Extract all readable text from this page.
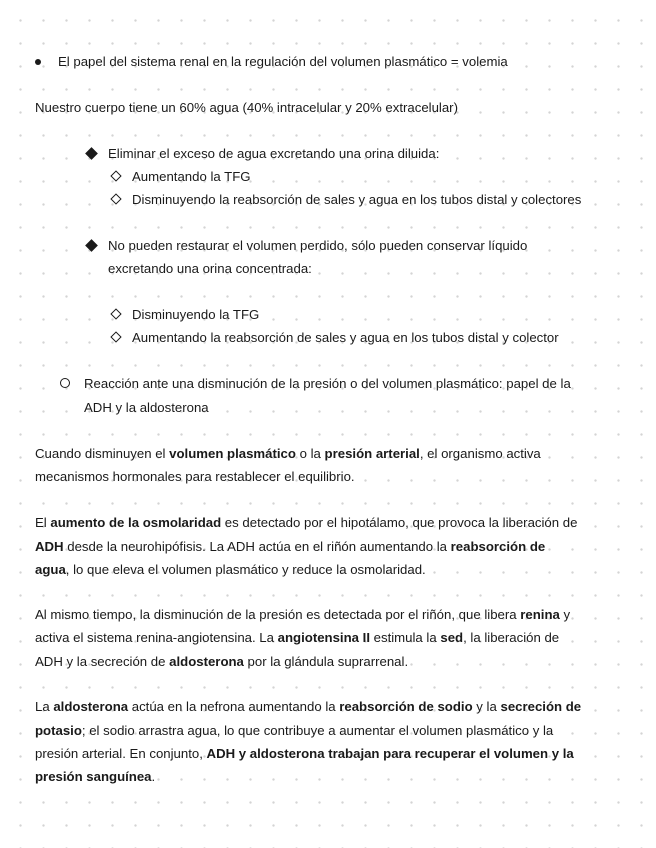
El papel del sistema renal en la regulación del volumen plasmático = volemia
Nuestro cuerpo tiene un 60% agua (40% intracelular y 20% extracelular)
Eliminar el exceso de agua excretando una orina diluida:
Aumentando la TFG
Disminuyendo la reabsorción de sales y agua en los tubos distal y colectores
No pueden restaurar el volumen perdido, sólo pueden conservar líquido
excretando una orina concentrada:
Disminuyendo la TFG
Aumentando la reabsorción de sales y agua en los tubos distal y colector
Reacción ante una disminución de la presión o del volumen plasmático: papel de la
ADH y la aldosterona
Cuando disminuyen el volumen plasmático o la presión arterial, el organismo activa
mecanismos hormonales para restablecer el equilibrio.
El aumento de la osmolaridad es detectado por el hipotálamo, que provoca la liberación de
ADH desde la neurohipófisis. La ADH actúa en el riñón aumentando la reabsorción de
agua, lo que eleva el volumen plasmático y reduce la osmolaridad.
Al mismo tiempo, la disminución de la presión es detectada por el riñón, que libera renina y
activa el sistema renina-angiotensina. La angiotensina II estimula la sed, la liberación de
ADH y la secreción de aldosterona por la glándula suprarrenal.
La aldosterona actúa en la nefrona aumentando la reabsorción de sodio y la secreción de
potasio; el sodio arrastra agua, lo que contribuye a aumentar el volumen plasmático y la
presión arterial. En conjunto, ADH y aldosterona trabajan para recuperar el volumen y la
presión sanguínea.
